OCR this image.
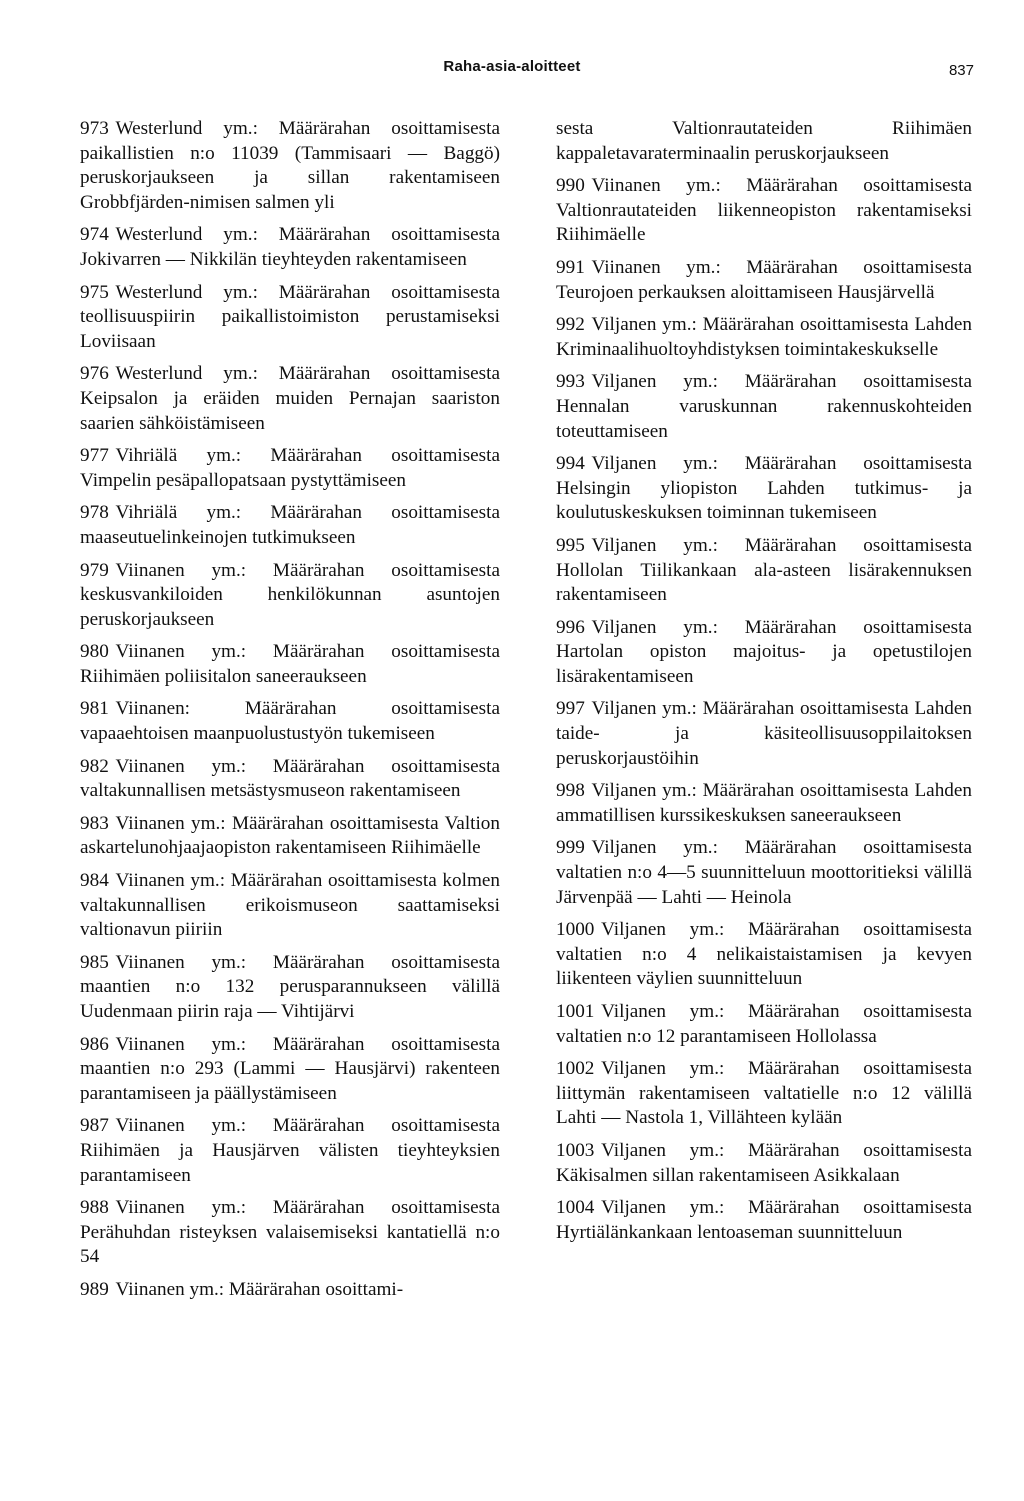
Raha-asia-aloitteet	837

973 Westerlund ym.: Määrärahan osoittamisesta paikallistien n:o 11039 (Tammisaari — Baggö) peruskorjaukseen ja sillan rakentamiseen Grobbfjärden-nimisen salmen yli

974 Westerlund ym.: Määrärahan osoittamisesta Jokivarren — Nikkilän tieyhteyden rakentamiseen

975 Westerlund ym.: Määrärahan osoittamisesta teollisuuspiirin paikallistoimiston perustamiseksi Loviisaan

976 Westerlund ym.: Määrärahan osoittamisesta Keipsalon ja eräiden muiden Pernajan saariston saarien sähköistämiseen

977 Vihriälä ym.: Määrärahan osoittamisesta Vimpelin pesäpallopatsaan pystyttämiseen

978 Vihriälä ym.: Määrärahan osoittamisesta maaseutuelinkeinojen tutkimukseen

979 Viinanen ym.: Määrärahan osoittamisesta keskusvankiloiden henkilökunnan asuntojen peruskorjaukseen

980 Viinanen ym.: Määrärahan osoittamisesta Riihimäen poliisitalon saneeraukseen

981 Viinanen: Määrärahan osoittamisesta vapaaehtoisen maanpuolustustyön tukemiseen

982 Viinanen ym.: Määrärahan osoittamisesta valtakunnallisen metsästysmuseon rakentamiseen

983 Viinanen ym.: Määrärahan osoittamisesta Valtion askartelunohjaajaopiston rakentamiseen Riihimäelle

984 Viinanen ym.: Määrärahan osoittamisesta kolmen valtakunnallisen erikoismuseon saattamiseksi valtionavun piiriin

985 Viinanen ym.: Määrärahan osoittamisesta maantien n:o 132 perusparannukseen välillä Uudenmaan piirin raja — Vihtijärvi

986 Viinanen ym.: Määrärahan osoittamisesta maantien n:o 293 (Lammi — Hausjärvi) rakenteen parantamiseen ja päällystämiseen

987 Viinanen ym.: Määrärahan osoittamisesta Riihimäen ja Hausjärven välisten tieyhteyksien parantamiseen

988 Viinanen ym.: Määrärahan osoittamisesta Perähuhdan risteyksen valaisemiseksi kantatiellä n:o 54

989 Viinanen ym.: Määrärahan osoittami-

sesta Valtionrautateiden Riihimäen kappaletavaraterminaalin peruskorjaukseen

990 Viinanen ym.: Määrärahan osoittamisesta Valtionrautateiden liikenneopiston rakentamiseksi Riihimäelle

991 Viinanen ym.: Määrärahan osoittamisesta Teurojoen perkauksen aloittamiseen Hausjärvellä

992 Viljanen ym.: Määrärahan osoittamisesta Lahden Kriminaalihuoltoyhdistyksen toimintakeskukselle

993 Viljanen ym.: Määrärahan osoittamisesta Hennalan varuskunnan rakennuskohteiden toteuttamiseen

994 Viljanen ym.: Määrärahan osoittamisesta Helsingin yliopiston Lahden tutkimus- ja koulutuskeskuksen toiminnan tukemiseen

995 Viljanen ym.: Määrärahan osoittamisesta Hollolan Tiilikankaan ala-asteen lisärakennuksen rakentamiseen

996 Viljanen ym.: Määrärahan osoittamisesta Hartolan opiston majoitus- ja opetustilojen lisärakentamiseen

997 Viljanen ym.: Määrärahan osoittamisesta Lahden taide- ja käsiteollisuusoppilaitoksen peruskorjaustöihin

998 Viljanen ym.: Määrärahan osoittamisesta Lahden ammatillisen kurssikeskuksen saneeraukseen

999 Viljanen ym.: Määrärahan osoittamisesta valtatien n:o 4—5 suunnitteluun moottoritieksi välillä Järvenpää — Lahti — Heinola

1000 Viljanen ym.: Määrärahan osoittamisesta valtatien n:o 4 nelikaistaistamisen ja kevyen liikenteen väylien suunnitteluun

1001 Viljanen ym.: Määrärahan osoittamisesta valtatien n:o 12 parantamiseen Hollolassa

1002 Viljanen ym.: Määrärahan osoittamisesta liittymän rakentamiseen valtatielle n:o 12 välillä Lahti — Nastola 1, Villähteen kylään

1003 Viljanen ym.: Määrärahan osoittamisesta Käkisalmen sillan rakentamiseen Asikkalaan

1004 Viljanen ym.: Määrärahan osoittamisesta Hyrtiälänkankaan lentoaseman suunnitteluun
